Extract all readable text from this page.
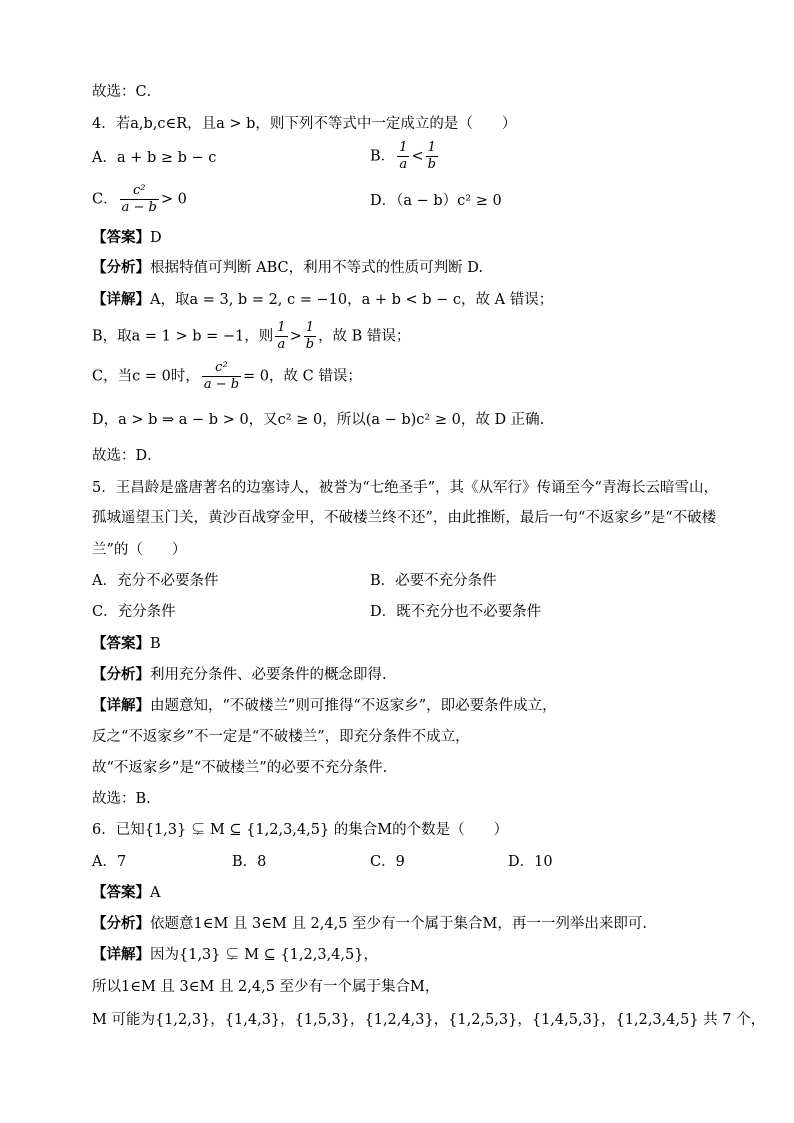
故选：C．
4．若a,b,c∈R，且a > b，则下列不等式中一定成立的是（　　）
A．a + b ≥ b − c	B． $\frac{1}{a} < \frac{1}{b}$
C． $\frac{\text{c²}}{a - b} > 0$	D．（a − b）c² ≥ 0
【答案】D
【分析】根据特值可判断 ABC，利用不等式的性质可判断 D.
【详解】A，取a = 3, b = 2, c = −10，a + b < b − c，故 A 错误；
B，取a = 1 > b = −1，则 $\frac{1}{a} > \frac{1}{b}$ ，故 B 错误；
C，当c = 0时， $\frac{\text{c²}}{a - b} = 0$，故 C 错误；
D，a > b ⇒ a − b > 0，又c² ≥ 0，所以(a − b)c² ≥ 0，故 D 正确.
故选：D．
5．王昌龄是盛唐著名的边塞诗人，被誉为“七绝圣手”，其《从军行》传诵至今“青海长云暗雪山，
孤城遥望玉门关，黄沙百战穿金甲，不破楼兰终不还”，由此推断，最后一句“不返家乡”是“不破楼
兰”的（　　）
A．充分不必要条件	B．必要不充分条件
C．充分条件	D．既不充分也不必要条件
【答案】B
【分析】利用充分条件、必要条件的概念即得.
【详解】由题意知，“不破楼兰”则可推得“不返家乡”，即必要条件成立，
反之“不返家乡”不一定是“不破楼兰”，即充分条件不成立，
故“不返家乡”是“不破楼兰”的必要不充分条件.
故选：B.
6．已知{1,3} ⊊ M ⊆ {1,2,3,4,5} 的集合M的个数是（　　）
A．7	B．8	C．9	D．10
【答案】A
【分析】依题意1∈M 且 3∈M 且 2,4,5 至少有一个属于集合M，再一一列举出来即可.
【详解】因为{1,3} ⊊ M ⊆ {1,2,3,4,5}，
所以1∈M 且 3∈M 且 2,4,5 至少有一个属于集合M，
M 可能为{1,2,3}，{1,4,3}，{1,5,3}，{1,2,4,3}，{1,2,5,3}，{1,4,5,3}，{1,2,3,4,5} 共 7 个，
